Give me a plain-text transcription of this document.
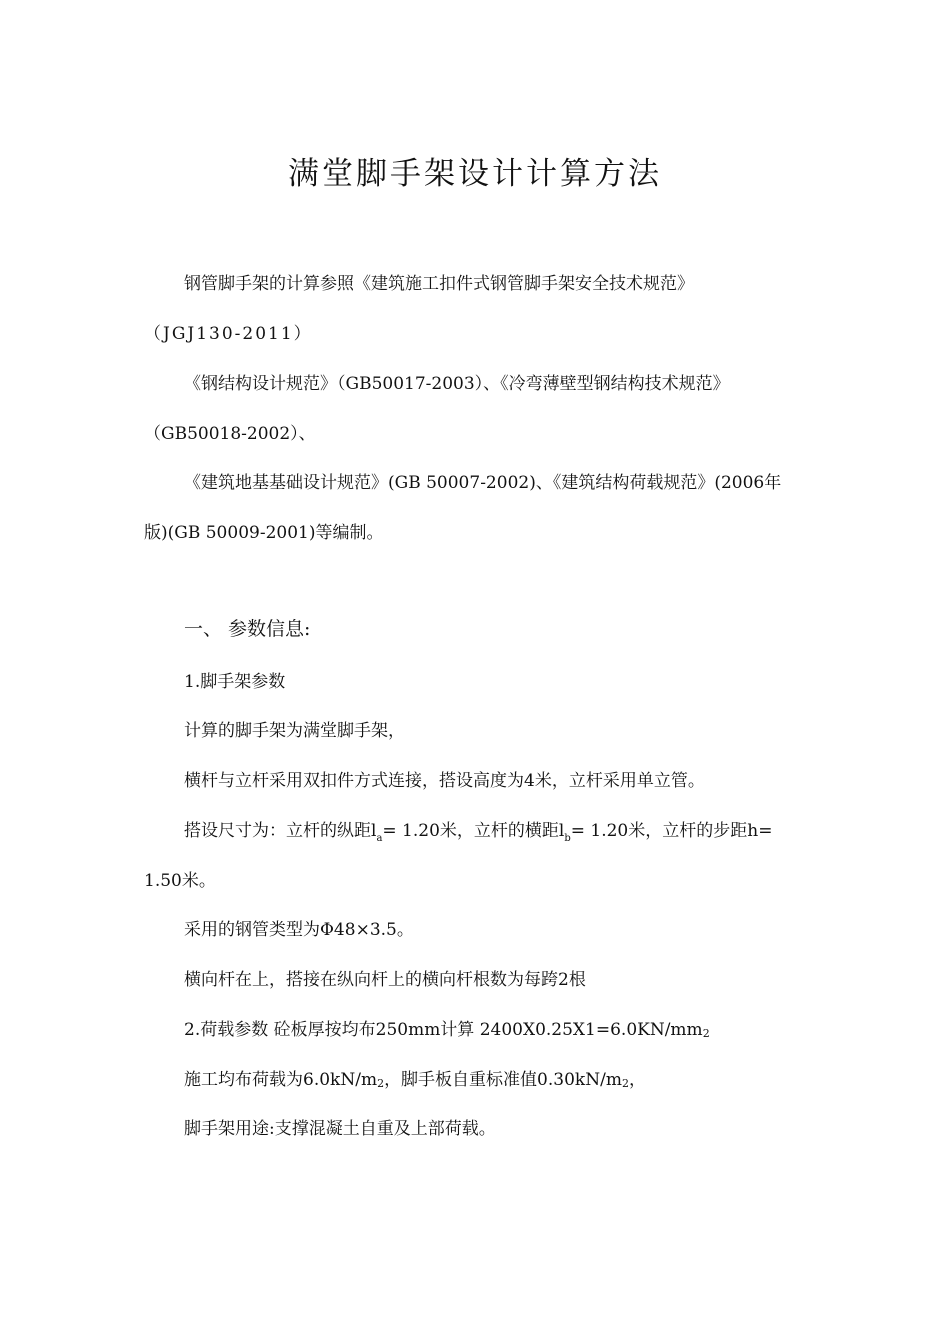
满堂脚手架设计计算方法
钢管脚手架的计算参照《建筑施工扣件式钢管脚手架安全技术规范》
（JGJ130-2011）
《钢结构设计规范》（GB50017-2003）、《冷弯薄壁型钢结构技术规范》
（GB50018-2002）、
《建筑地基基础设计规范》(GB 50007-2002)、《建筑结构荷载规范》(2006年
版)(GB 50009-2001)等编制。
一、 参数信息:
1.脚手架参数
计算的脚手架为满堂脚手架，
横杆与立杆采用双扣件方式连接，搭设高度为4米，立杆采用单立管。
搭设尺寸为：立杆的纵距$l_a= 1.20$米，立杆的横距$l_b= 1.20$米，立杆的步距h=
1.50米。
采用的钢管类型为Φ48×3.5。
横向杆在上，搭接在纵向杆上的横向杆根数为每跨2根
2.荷载参数 砼板厚按均布250mm计算 2400X0.25X1=6.0KN/mm2
施工均布荷载为6.0kN/m2，脚手板自重标准值0.30kN/m2，
脚手架用途:支撑混凝土自重及上部荷载。
